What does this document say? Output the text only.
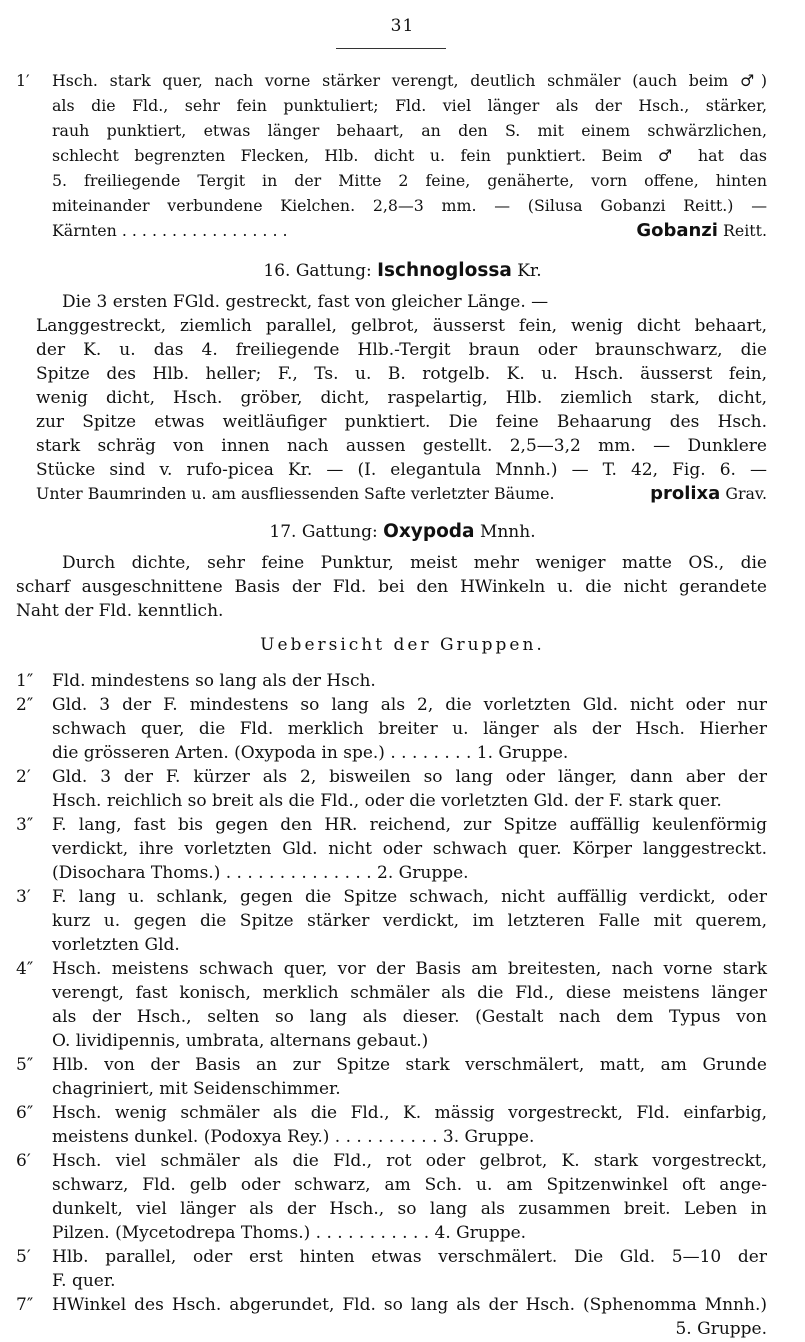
31
1′ Hsch. stark quer, nach vorne stärker verengt, deutlich schmäler (auch beim ♂)
als die Fld., sehr fein punktuliert; Fld. viel länger als der Hsch., stärker,
rauh punktiert, etwas länger behaart, an den S. mit einem schwärzlichen,
schlecht begrenzten Flecken, Hlb. dicht u. fein punktiert. Beim ♂ hat das
5. freiliegende Tergit in der Mitte 2 feine, genäherte, vorn offene, hinten
miteinander verbundene Kielchen. 2,8—3 mm. — (Silusa Gobanzi Reitt.) —
Kärnten . . . . . . . . . . . . . . . . .	Gobanzi Reitt.
16. Gattung: Ischnoglossa Kr.
Die 3 ersten FGld. gestreckt, fast von gleicher Länge. —
Langgestreckt, ziemlich parallel, gelbrot, äusserst fein, wenig dicht behaart,
der K. u. das 4. freiliegende Hlb.-Tergit braun oder braunschwarz, die
Spitze des Hlb. heller; F., Ts. u. B. rotgelb. K. u. Hsch. äusserst fein,
wenig dicht, Hsch. gröber, dicht, raspelartig, Hlb. ziemlich stark, dicht,
zur Spitze etwas weitläufiger punktiert. Die feine Behaarung des Hsch.
stark schräg von innen nach aussen gestellt. 2,5—3,2 mm. — Dunklere
Stücke sind v. rufo-picea Kr. — (I. elegantula Mnnh.) — T. 42, Fig. 6. —
Unter Baumrinden u. am ausfliessenden Safte verletzter Bäume.	prolixa Grav.
17. Gattung: Oxypoda Mnnh.
Durch dichte, sehr feine Punktur, meist mehr weniger matte OS., die
scharf ausgeschnittene Basis der Fld. bei den HWinkeln u. die nicht gerandete
Naht der Fld. kenntlich.
Uebersicht der Gruppen.
1″ Fld. mindestens so lang als der Hsch.
2″ Gld. 3 der F. mindestens so lang als 2, die vorletzten Gld. nicht oder nur
schwach quer, die Fld. merklich breiter u. länger als der Hsch. Hierher
die grösseren Arten. (Oxypoda in spe.) . . . . . . . . 1. Gruppe.
2′ Gld. 3 der F. kürzer als 2, bisweilen so lang oder länger, dann aber der
Hsch. reichlich so breit als die Fld., oder die vorletzten Gld. der F. stark quer.
3″ F. lang, fast bis gegen den HR. reichend, zur Spitze auffällig keulenförmig
verdickt, ihre vorletzten Gld. nicht oder schwach quer. Körper langgestreckt.
(Disochara Thoms.) . . . . . . . . . . . . . . 2. Gruppe.
3′ F. lang u. schlank, gegen die Spitze schwach, nicht auffällig verdickt, oder
kurz u. gegen die Spitze stärker verdickt, im letzteren Falle mit querem,
vorletzten Gld.
4″ Hsch. meistens schwach quer, vor der Basis am breitesten, nach vorne stark
verengt, fast konisch, merklich schmäler als die Fld., diese meistens länger
als der Hsch., selten so lang als dieser. (Gestalt nach dem Typus von
O. lividipennis, umbrata, alternans gebaut.)
5″ Hlb. von der Basis an zur Spitze stark verschmälert, matt, am Grunde
chagriniert, mit Seidenschimmer.
6″ Hsch. wenig schmäler als die Fld., K. mässig vorgestreckt, Fld. einfarbig,
meistens dunkel. (Podoxya Rey.) . . . . . . . . . . 3. Gruppe.
6′ Hsch. viel schmäler als die Fld., rot oder gelbrot, K. stark vorgestreckt,
schwarz, Fld. gelb oder schwarz, am Sch. u. am Spitzenwinkel oft ange-
dunkelt, viel länger als der Hsch., so lang als zusammen breit. Leben in
Pilzen. (Mycetodrepa Thoms.) . . . . . . . . . . . 4. Gruppe.
5′ Hlb. parallel, oder erst hinten etwas verschmälert. Die Gld. 5—10 der
F. quer.
7″ HWinkel des Hsch. abgerundet, Fld. so lang als der Hsch. (Sphenomma Mnnh.)
5. Gruppe.
